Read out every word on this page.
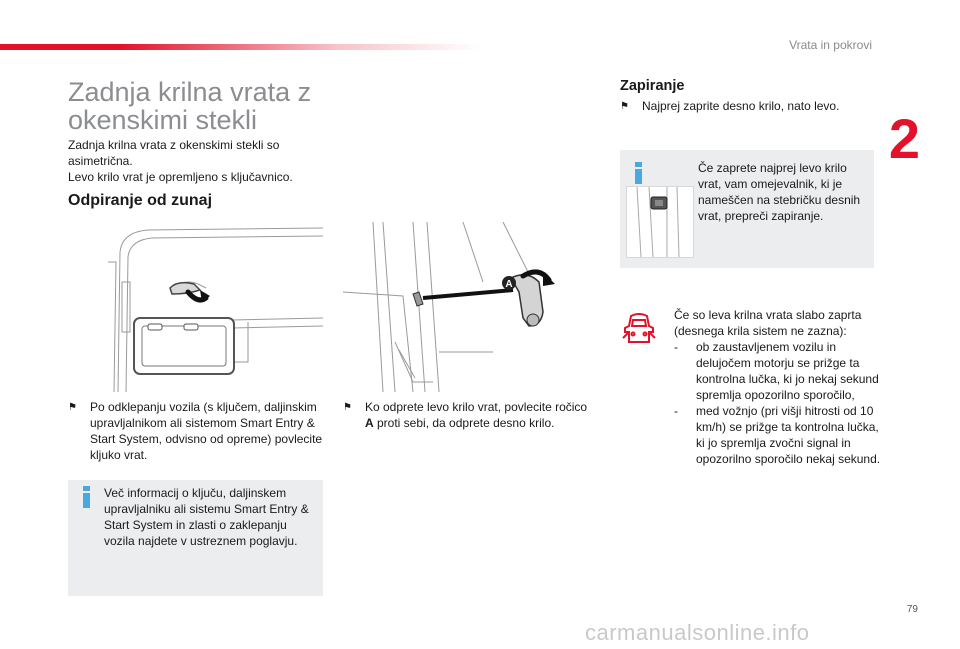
Vrata in pokrovi
2
Zadnja krilna vrata z
okenskimi stekli

Zadnja krilna vrata z okenskimi stekli so asimetrična.

Levo krilo vrat je opremljeno s ključavnico.

Odpiranje od zunaj
A
⚑	Po odklepanju vozila (s ključem, daljinskim upravljalnikom ali sistemom Smart Entry & Start System, odvisno od opreme) povlecite kljuko vrat.
⚑	Ko odprete levo krilo vrat, povlecite ročico A proti sebi, da odprete desno krilo.
Več informacij o ključu, daljinskem upravljalniku ali sistemu Smart Entry & Start System in zlasti o zaklepanju vozila najdete v ustreznem poglavju.
Zapiranje
⚑	Najprej zaprite desno krilo, nato levo.
Če zaprete najprej levo krilo vrat, vam omejevalnik, ki je nameščen na stebričku desnih vrat, prepreči zapiranje.
Če so leva krilna vrata slabo zaprta (desnega krila sistem ne zazna):
-	ob zaustavljenem vozilu in delujočem motorju se prižge ta kontrolna lučka, ki jo nekaj sekund spremlja opozorilno sporočilo,
-	med vožnjo (pri višji hitrosti od 10 km/h) se prižge ta kontrolna lučka, ki jo spremlja zvočni signal in opozorilno sporočilo nekaj sekund.
79
carmanualsonline.info
